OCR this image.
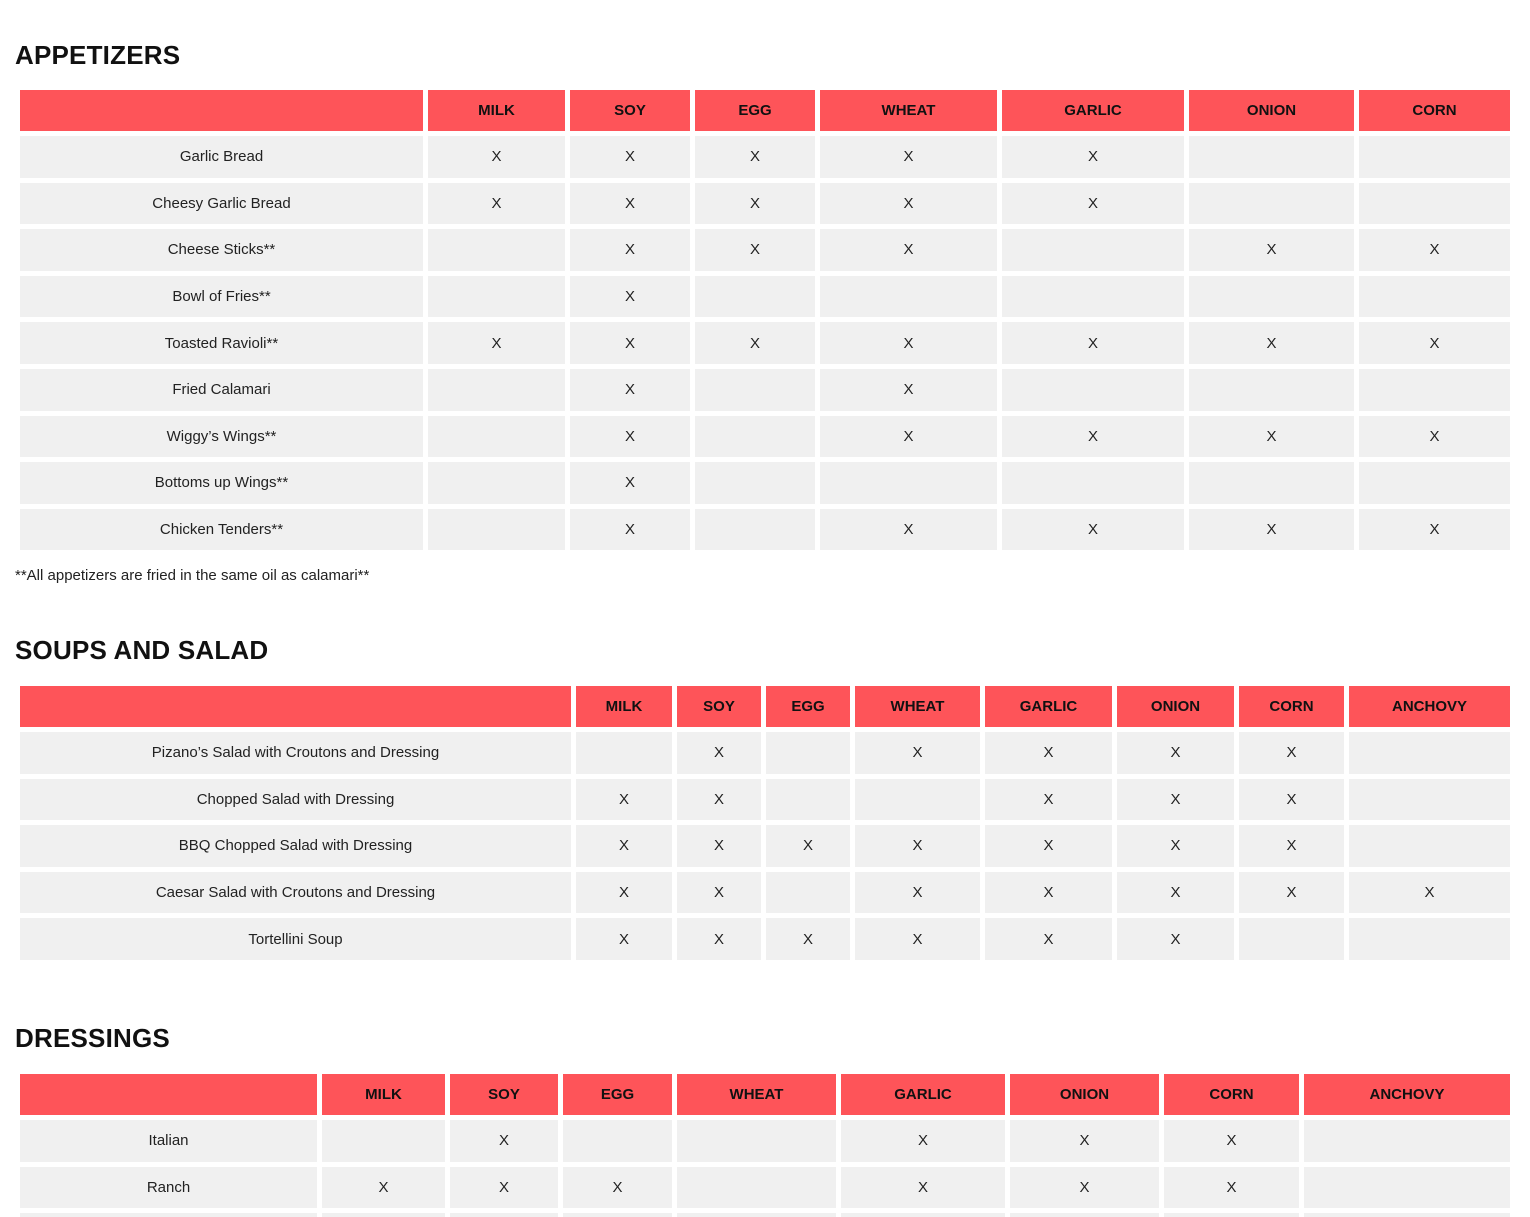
APPETIZERS
	MILK	SOY	EGG	WHEAT	GARLIC	ONION	CORN
Garlic Bread	X	X	X	X	X		
Cheesy Garlic Bread	X	X	X	X	X		
Cheese Sticks**		X	X	X		X	X
Bowl of Fries**		X					
Toasted Ravioli**	X	X	X	X	X	X	X
Fried Calamari		X		X			
Wiggy’s Wings**		X		X	X	X	X
Bottoms up Wings**		X					
Chicken Tenders**		X		X	X	X	X
**All appetizers are fried in the same oil as calamari**
SOUPS AND SALAD
	MILK	SOY	EGG	WHEAT	GARLIC	ONION	CORN	ANCHOVY
Pizano’s Salad with Croutons and Dressing		X		X	X	X	X	
Chopped Salad with Dressing	X	X			X	X	X	
BBQ Chopped Salad with Dressing	X	X	X	X	X	X	X	
Caesar Salad with Croutons and Dressing	X	X		X	X	X	X	X
Tortellini Soup	X	X	X	X	X	X		
DRESSINGS
	MILK	SOY	EGG	WHEAT	GARLIC	ONION	CORN	ANCHOVY
Italian		X			X	X	X	
Ranch	X	X	X		X	X	X	
